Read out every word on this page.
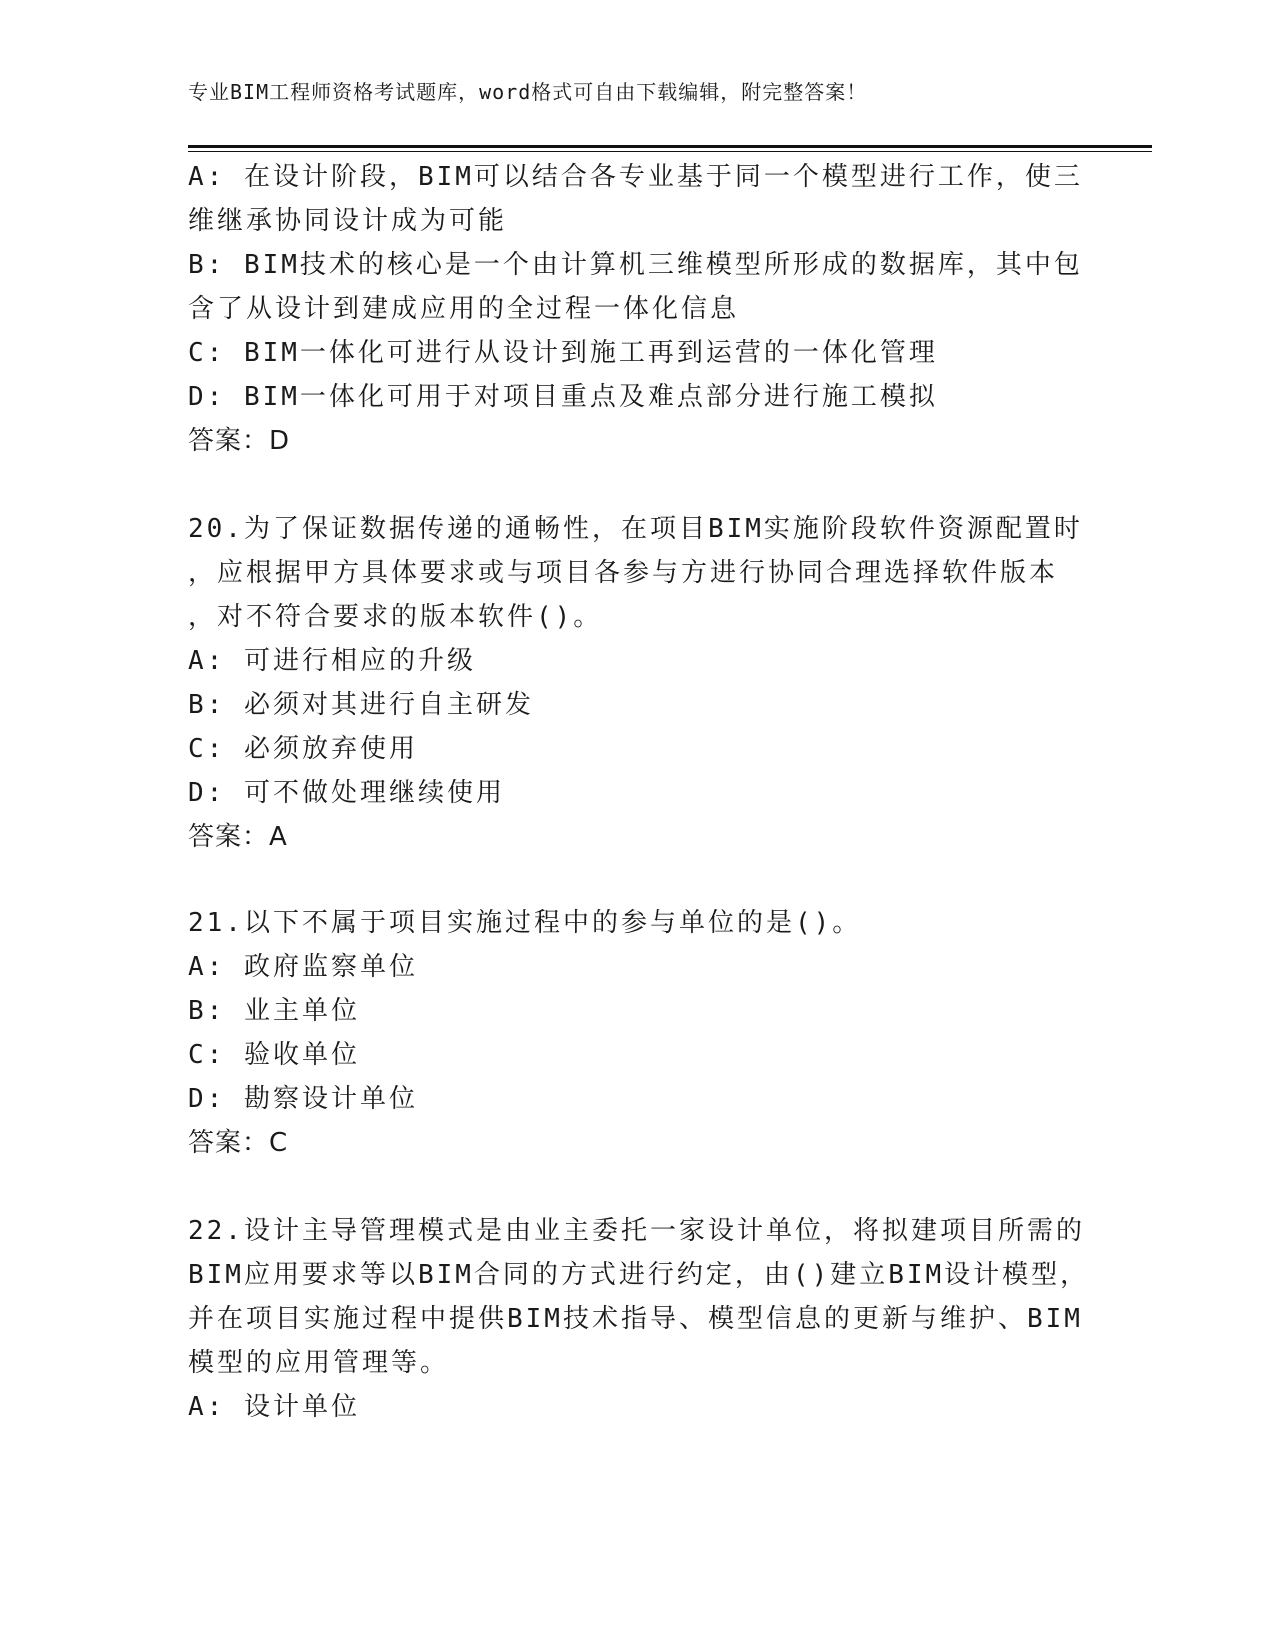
专业BIM工程师资格考试题库，word格式可自由下载编辑，附完整答案！
A: 在设计阶段，BIM可以结合各专业基于同一个模型进行工作，使三
维继承协同设计成为可能
B: BIM技术的核心是一个由计算机三维模型所形成的数据库，其中包
含了从设计到建成应用的全过程一体化信息
C: BIM一体化可进行从设计到施工再到运营的一体化管理
D: BIM一体化可用于对项目重点及难点部分进行施工模拟
答案：D
20.为了保证数据传递的通畅性，在项目BIM实施阶段软件资源配置时
，应根据甲方具体要求或与项目各参与方进行协同合理选择软件版本
，对不符合要求的版本软件()。
A: 可进行相应的升级
B: 必须对其进行自主研发
C: 必须放弃使用
D: 可不做处理继续使用
答案：A
21.以下不属于项目实施过程中的参与单位的是()。
A: 政府监察单位
B: 业主单位
C: 验收单位
D: 勘察设计单位
答案：C
22.设计主导管理模式是由业主委托一家设计单位，将拟建项目所需的
BIM应用要求等以BIM合同的方式进行约定，由()建立BIM设计模型，
并在项目实施过程中提供BIM技术指导、模型信息的更新与维护、BIM
模型的应用管理等。
A: 设计单位
